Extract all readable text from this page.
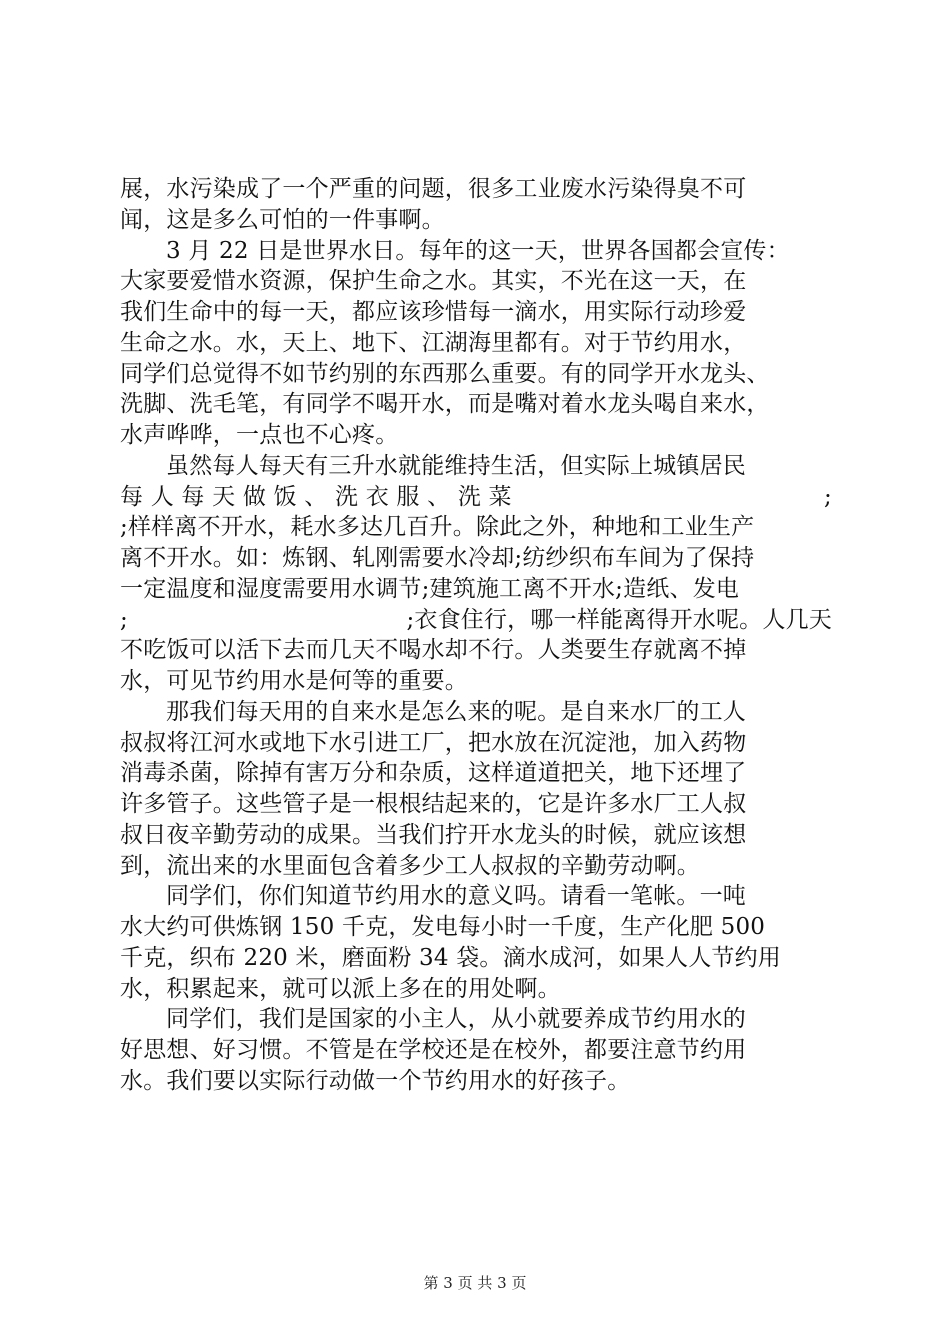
展，水污染成了一个严重的问题，很多工业废水污染得臭不可
闻，这是多么可怕的一件事啊。
3 月 22 日是世界水日。每年的这一天，世界各国都会宣传：
大家要爱惜水资源，保护生命之水。其实，不光在这一天，在
我们生命中的每一天，都应该珍惜每一滴水，用实际行动珍爱
生命之水。水，天上、地下、江湖海里都有。对于节约用水，
同学们总觉得不如节约别的东西那么重要。有的同学开水龙头、
洗脚、洗毛笔，有同学不喝开水，而是嘴对着水龙头喝自来水，
水声哗哗，一点也不心疼。
虽然每人每天有三升水就能维持生活，但实际上城镇居民
每 人 每 天 做 饭 、 洗 衣 服 、 洗 菜	;
;样样离不开水，耗水多达几百升。除此之外，种地和工业生产
离不开水。如：炼钢、轧刚需要水冷却;纺纱织布车间为了保持
一定温度和湿度需要用水调节;建筑施工离不开水;造纸、发电
;	;衣食住行，哪一样能离得开水呢。人几天
不吃饭可以活下去而几天不喝水却不行。人类要生存就离不掉
水，可见节约用水是何等的重要。
那我们每天用的自来水是怎么来的呢。是自来水厂的工人
叔叔将江河水或地下水引进工厂，把水放在沉淀池，加入药物
消毒杀菌，除掉有害万分和杂质，这样道道把关，地下还埋了
许多管子。这些管子是一根根结起来的，它是许多水厂工人叔
叔日夜辛勤劳动的成果。当我们拧开水龙头的时候，就应该想
到，流出来的水里面包含着多少工人叔叔的辛勤劳动啊。
同学们，你们知道节约用水的意义吗。请看一笔帐。一吨
水大约可供炼钢 150 千克，发电每小时一千度，生产化肥 500
千克，织布 220 米，磨面粉 34 袋。滴水成河，如果人人节约用
水，积累起来，就可以派上多在的用处啊。
同学们，我们是国家的小主人，从小就要养成节约用水的
好思想、好习惯。不管是在学校还是在校外，都要注意节约用
水。我们要以实际行动做一个节约用水的好孩子。
第 3 页 共 3 页
